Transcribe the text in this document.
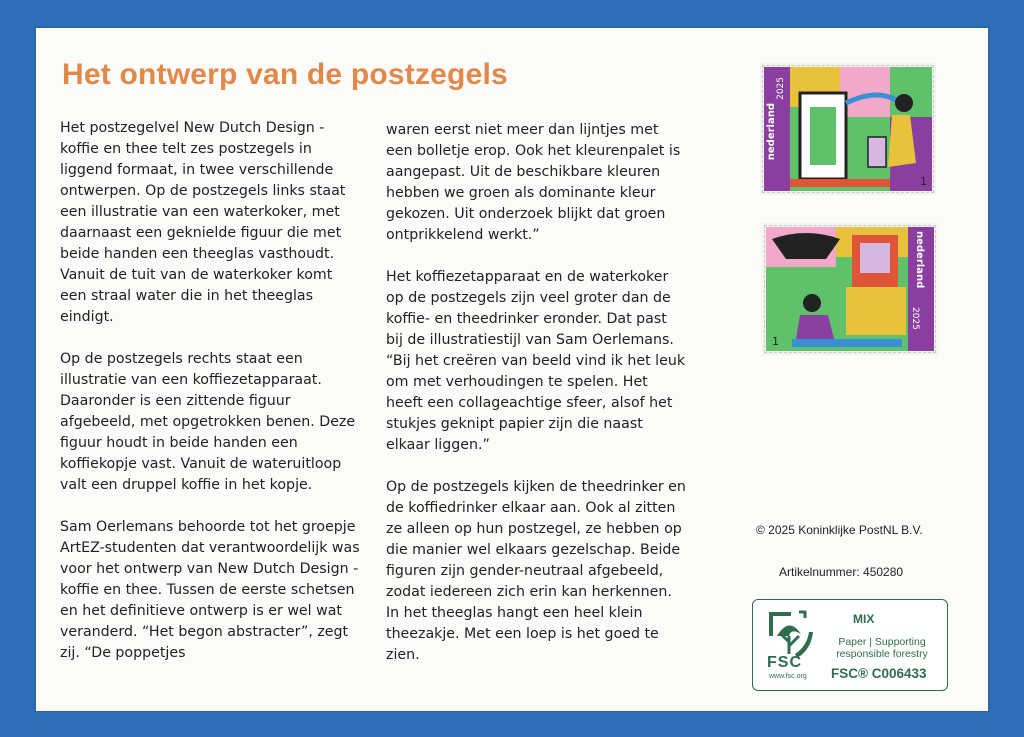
Het ontwerp van de postzegels

Het postzegelvel New Dutch Design - koffie en thee telt zes postzegels in liggend formaat, in twee verschillende ontwerpen. Op de postzegels links staat een illustratie van een waterkoker, met daarnaast een geknielde figuur die met beide handen een theeglas vasthoudt. Vanuit de tuit van de waterkoker komt een straal water die in het theeglas eindigt.

Op de postzegels rechts staat een illustratie van een koffiezetapparaat. Daaronder is een zittende figuur afgebeeld, met opgetrokken benen. Deze figuur houdt in beide handen een koffiekopje vast. Vanuit de wateruitloop valt een druppel koffie in het kopje.

Sam Oerlemans behoorde tot het groepje ArtEZ-studenten dat verantwoordelijk was voor het ontwerp van New Dutch Design - koffie en thee. Tussen de eerste schetsen en het definitieve ontwerp is er wel wat veranderd. “Het begon abstracter”, zegt zij. “De poppetjes

waren eerst niet meer dan lijntjes met een bolletje erop. Ook het kleurenpalet is aangepast. Uit de beschikbare kleuren hebben we groen als dominante kleur gekozen. Uit onderzoek blijkt dat groen ontprikkelend werkt.”

Het koffiezetapparaat en de waterkoker op de postzegels zijn veel groter dan de koffie- en theedrinker eronder. Dat past bij de illustratiestijl van Sam Oerlemans. “Bij het creëren van beeld vind ik het leuk om met verhoudingen te spelen. Het heeft een collageachtige sfeer, alsof het stukjes geknipt papier zijn die naast elkaar liggen.”

Op de postzegels kijken de theedrinker en de koffiedrinker elkaar aan. Ook al zitten ze alleen op hun postzegel, ze hebben op die manier wel elkaars gezelschap. Beide figuren zijn gender-neutraal afgebeeld, zodat iedereen zich erin kan herkennen. In het theeglas hangt een heel klein theezakje. Met een loep is het goed te zien.

nederland
2025
1
nederland
2025
1
© 2025 Koninklijke PostNL B.V.
Artikelnummer: 450280
FSC
www.fsc.org
MIX
Paper | Supporting responsible forestry
FSC® C006433
